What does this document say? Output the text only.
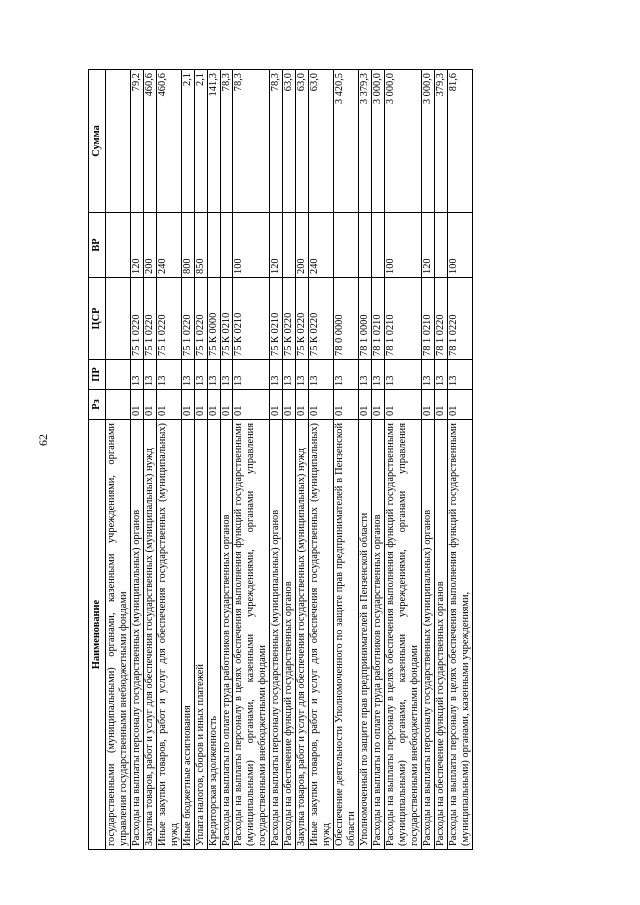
62
Наименование	Рз	ПР	ЦСР	ВР	Сумма
государственными (муниципальными) органами, казенными учреждениями, органами управления государственными внебюджетными фондами					
Расходы на выплаты персоналу государственных (муниципальных) органов	01	13	75 1 0220	120	79,2
Закупка товаров, работ и услуг для обеспечения государственных (муниципальных) нужд	01	13	75 1 0220	200	460,6
Иные закупки товаров, работ и услуг для обеспечения государственных (муниципальных) нужд	01	13	75 1 0220	240	460,6
Иные бюджетные ассигнования	01	13	75 1 0220	800	2,1
Уплата налогов, сборов и иных платежей	01	13	75 1 0220	850	2,1
Кредиторская задолженность	01	13	75 К 0000		141,3
Расходы на выплаты по оплате труда работников государственных органов	01	13	75 К 0210		78,3
Расходы на выплаты персоналу в целях обеспечения выполнения функций государственными (муниципальными) органами, казенными учреждениями, органами управления государственными внебюджетными фондами	01	13	75 К 0210	100	78,3
Расходы на выплаты персоналу государственных (муниципальных) органов	01	13	75 К 0210	120	78,3
Расходы на обеспечение функций государственных органов	01	13	75 К 0220		63,0
Закупка товаров, работ и услуг для обеспечения государственных (муниципальных) нужд	01	13	75 К 0220	200	63,0
Иные закупки товаров, работ и услуг для обеспечения государственных (муниципальных) нужд	01	13	75 К 0220	240	63,0
Обеспечение деятельности Уполномоченного по защите прав предпринимателей в Пензенской области	01	13	78 0 0000		3 420,5
Уполномоченный по защите прав предпринимателей в Пензенской области	01	13	78 1 0000		3 379,3
Расходы на выплаты по оплате труда работников государственных органов	01	13	78 1 0210		3 000,0
Расходы на выплаты персоналу в целях обеспечения выполнения функций государственными (муниципальными) органами, казенными учреждениями, органами управления государственными внебюджетными фондами	01	13	78 1 0210	100	3 000,0
Расходы на выплаты персоналу государственных (муниципальных) органов	01	13	78 1 0210	120	3 000,0
Расходы на обеспечение функций государственных органов	01	13	78 1 0220		379,3
Расходы на выплаты персоналу в целях обеспечения выполнения функций государственными (муниципальными) органами, казенными учреждениями,	01	13	78 1 0220	100	81,6
